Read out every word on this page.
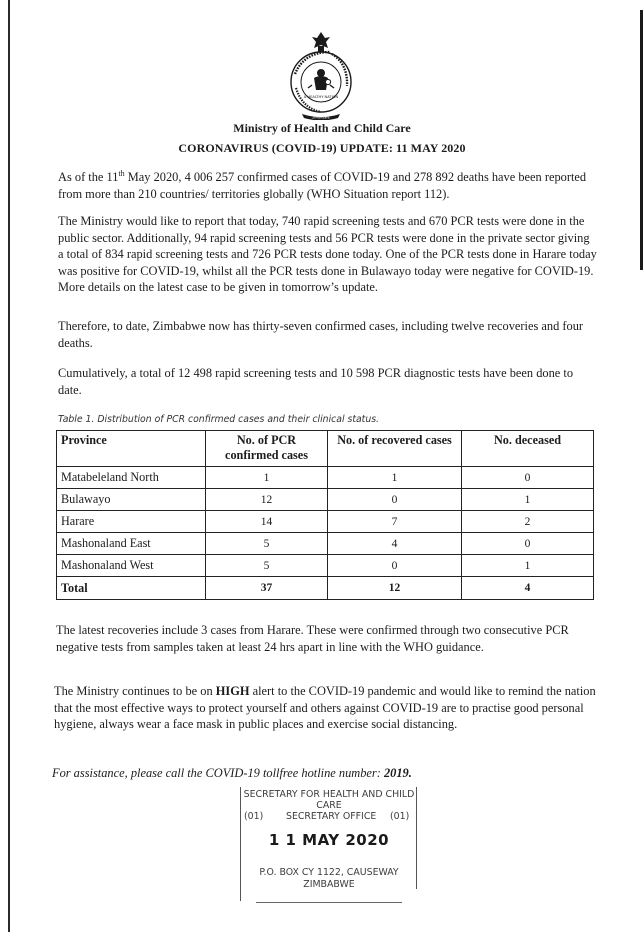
A HEALTHY NATION
ZIMBABWE
Ministry of Health and Child Care
CORONAVIRUS (COVID-19) UPDATE: 11 MAY 2020

As of the 11th May 2020, 4 006 257 confirmed cases of COVID-19 and 278 892 deaths have been reported from more than 210 countries/ territories globally (WHO Situation report 112).

The Ministry would like to report that today, 740 rapid screening tests and 670 PCR tests were done in the public sector. Additionally, 94 rapid screening tests and 56 PCR tests were done in the private sector giving a total of 834 rapid screening tests and 726 PCR tests done today. One of the PCR tests done in Harare today was positive for COVID-19, whilst all the PCR tests done in Bulawayo today were negative for COVID-19. More details on the latest case to be given in tomorrow’s update.

Therefore, to date, Zimbabwe now has thirty-seven confirmed cases, including twelve recoveries and four deaths.

Cumulatively, a total of 12 498 rapid screening tests and 10 598 PCR diagnostic tests have been done to date.

Table 1. Distribution of PCR confirmed cases and their clinical status.
Province	No. of PCR confirmed cases	No. of recovered cases	No. deceased
Matabeleland North	1	1	0
Bulawayo	12	0	1
Harare	14	7	2
Mashonaland East	5	4	0
Mashonaland West	5	0	1
Total	37	12	4

The latest recoveries include 3 cases from Harare. These were confirmed through two consecutive PCR negative tests from samples taken at least 24 hrs apart in line with the WHO guidance.

The Ministry continues to be on HIGH alert to the COVID-19 pandemic and would like to remind the nation that the most effective ways to protect yourself and others against COVID-19 are to practise good personal hygiene, always wear a face mask in public places and exercise social distancing.

For assistance, please call the COVID-19 tollfree hotline number: 2019.

SECRETARY FOR HEALTH AND CHILD
CARE
(01) SECRETARY OFFICE (01)
1 1 MAY 2020
P.O. BOX CY 1122, CAUSEWAY
ZIMBABWE
